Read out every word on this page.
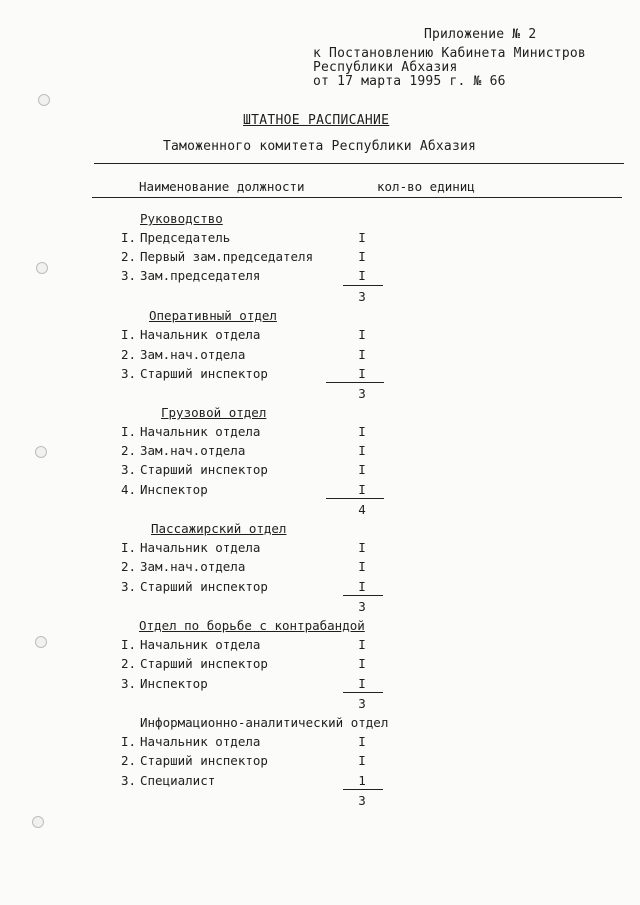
Приложение № 2
к Постановлению Кабинета Министров
Республики Абхазия
от 17 марта 1995 г. № 66
ШТАТНОЕ РАСПИСАНИЕ
Таможенного комитета Республики Абхазия
Наименование должности	кол-во единиц
Руководство
I. Председатель	I
2. Первый зам.председателя	I
3. Зам.председателя	I
3
Оперативный отдел
I. Начальник отдела	I
2. Зам.нач.отдела	I
3. Старший инспектор	I
3
Грузовой отдел
I. Начальник отдела	I
2. Зам.нач.отдела	I
3. Старший инспектор	I
4. Инспектор	I
4
Пассажирский отдел
I. Начальник отдела	I
2. Зам.нач.отдела	I
3. Старший инспектор	I
3
Отдел по борьбе с контрабандой
I. Начальник отдела	I
2. Старший инспектор	I
3. Инспектор	I
3
Информационно-аналитический отдел
I. Начальник отдела	I
2. Старший инспектор	I
3. Специалист	1
3
